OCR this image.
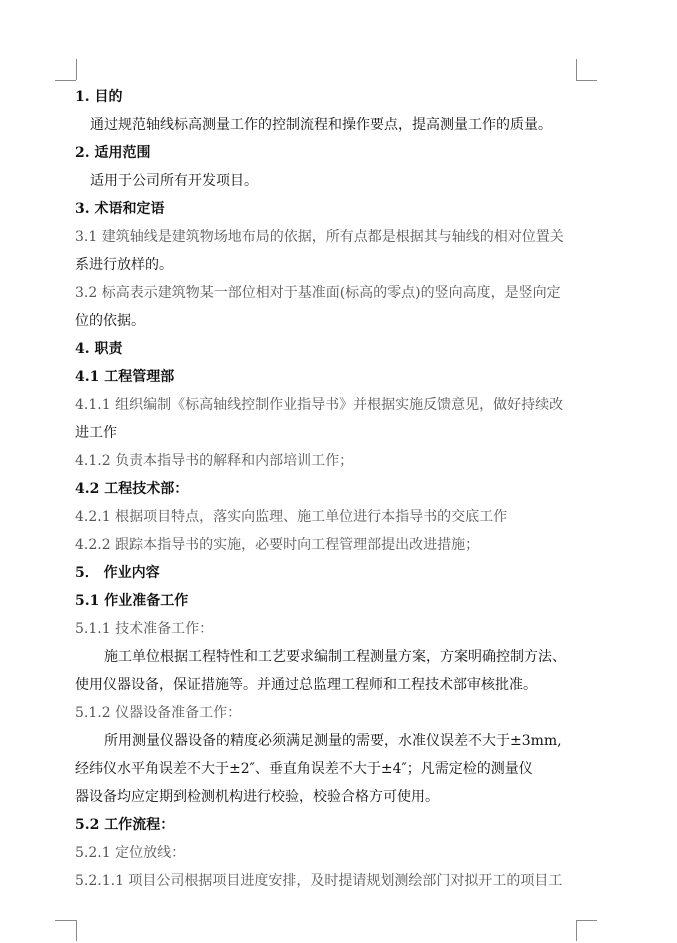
1. 目的
通过规范轴线标高测量工作的控制流程和操作要点，提高测量工作的质量。
2. 适用范围
适用于公司所有开发项目。
3. 术语和定语
3.1 建筑轴线是建筑物场地布局的依据，所有点都是根据其与轴线的相对位置关
系进行放样的。
3.2 标高表示建筑物某一部位相对于基准面(标高的零点)的竖向高度，是竖向定
位的依据。
4. 职责
4.1 工程管理部
4.1.1 组织编制《标高轴线控制作业指导书》并根据实施反馈意见，做好持续改
进工作
4.1.2 负责本指导书的解释和内部培训工作；
4.2 工程技术部：
4.2.1 根据项目特点，落实向监理、施工单位进行本指导书的交底工作
4.2.2 跟踪本指导书的实施，必要时向工程管理部提出改进措施；
5． 作业内容
5.1 作业准备工作
5.1.1 技术准备工作：
施工单位根据工程特性和工艺要求编制工程测量方案，方案明确控制方法、
使用仪器设备，保证措施等。并通过总监理工程师和工程技术部审核批准。
5.1.2 仪器设备准备工作：
所用测量仪器设备的精度必须满足测量的需要，水准仪误差不大于±3mm,
经纬仪水平角误差不大于±2″、垂直角误差不大于±4″；凡需定检的测量仪
器设备均应定期到检测机构进行校验，校验合格方可使用。
5.2 工作流程：
5.2.1 定位放线：
5.2.1.1 项目公司根据项目进度安排，及时提请规划测绘部门对拟开工的项目工
